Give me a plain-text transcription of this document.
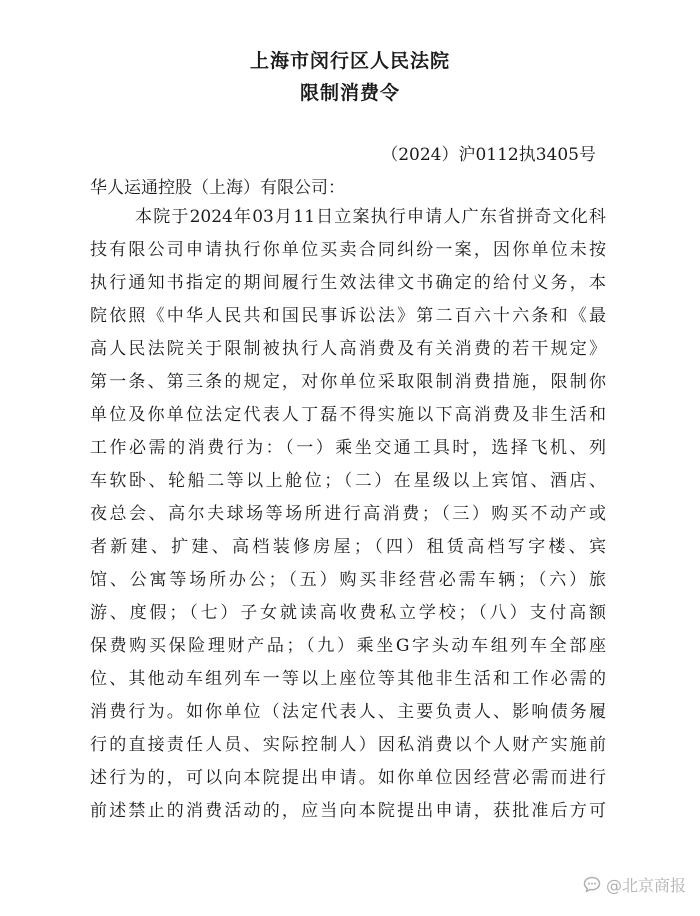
上海市闵行区人民法院
限制消费令
（2024）沪0112执3405号
华人运通控股（上海）有限公司：
本院于2024年03月11日立案执行申请人广东省拼奇文化科
技有限公司申请执行你单位买卖合同纠纷一案，因你单位未按
执行通知书指定的期间履行生效法律文书确定的给付义务，本
院依照《中华人民共和国民事诉讼法》第二百六十六条和《最
高人民法院关于限制被执行人高消费及有关消费的若干规定》
第一条、第三条的规定，对你单位采取限制消费措施，限制你
单位及你单位法定代表人丁磊不得实施以下高消费及非生活和
工作必需的消费行为：（一）乘坐交通工具时，选择飞机、列
车软卧、轮船二等以上舱位；（二）在星级以上宾馆、酒店、
夜总会、高尔夫球场等场所进行高消费；（三）购买不动产或
者新建、扩建、高档装修房屋；（四）租赁高档写字楼、宾
馆、公寓等场所办公；（五）购买非经营必需车辆；（六）旅
游、度假；（七）子女就读高收费私立学校；（八）支付高额
保费购买保险理财产品；（九）乘坐G字头动车组列车全部座
位、其他动车组列车一等以上座位等其他非生活和工作必需的
消费行为。如你单位（法定代表人、主要负责人、影响债务履
行的直接责任人员、实际控制人）因私消费以个人财产实施前
述行为的，可以向本院提出申请。如你单位因经营必需而进行
前述禁止的消费活动的，应当向本院提出申请，获批准后方可
@北京商报
